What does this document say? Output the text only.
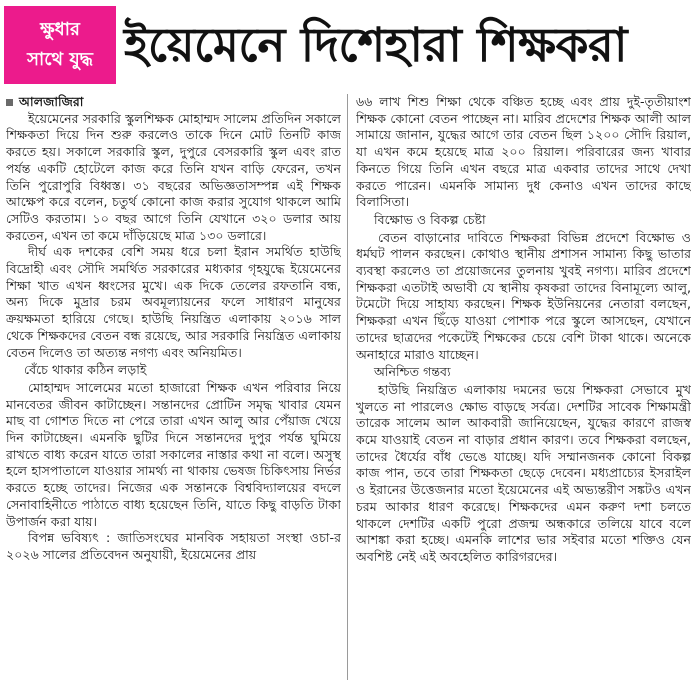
ক্ষুধার
সাথে যুদ্ধ ইয়েমেনে দিশেহারা শিক্ষকরা

আলজাজিরা

ইয়েমেনের সরকারি স্কুলশিক্ষক মোহাম্মদ সালেম প্রতিদিন সকালে শিক্ষকতা দিয়ে দিন শুরু করলেও তাকে দিনে মোট তিনটি কাজ করতে হয়। সকালে সরকারি স্কুল, দুপুরে বেসরকারি স্কুল এবং রাত পর্যন্ত একটি হোটেলে কাজ করে তিনি যখন বাড়ি ফেরেন, তখন তিনি পুরোপুরি বিধ্বস্ত। ৩১ বছরের অভিজ্ঞতাসম্পন্ন এই শিক্ষক আক্ষেপ করে বলেন, চতুর্থ কোনো কাজ করার সুযোগ থাকলে আমি সেটিও করতাম। ১০ বছর আগে তিনি যেখানে ৩২০ ডলার আয় করতেন, এখন তা কমে দাঁড়িয়েছে মাত্র ১৩০ ডলারে।

দীর্ঘ এক দশকের বেশি সময় ধরে চলা ইরান সমর্থিত হাউছি বিদ্রোহী এবং সৌদি সমর্থিত সরকারের মধ্যকার গৃহযুদ্ধে ইয়েমেনের শিক্ষা খাত এখন ধ্বংসের মুখে। এক দিকে তেলের রফতানি বন্ধ, অন্য দিকে মুদ্রার চরম অবমূল্যায়নের ফলে সাধারণ মানুষের ক্রয়ক্ষমতা হারিয়ে গেছে। হাউছি নিয়ন্ত্রিত এলাকায় ২০১৬ সাল থেকে শিক্ষকদের বেতন বন্ধ রয়েছে, আর সরকারি নিয়ন্ত্রিত এলাকায় বেতন দিলেও তা অত্যন্ত নগণ্য এবং অনিয়মিত।

বেঁচে থাকার কঠিন লড়াই

মোহাম্মদ সালেমের মতো হাজারো শিক্ষক এখন পরিবার নিয়ে মানবেতর জীবন কাটাচ্ছেন। সন্তানদের প্রোটিন সমৃদ্ধ খাবার যেমন মাছ বা গোশত দিতে না পেরে তারা এখন আলু আর পেঁয়াজ খেয়ে দিন কাটাচ্ছেন। এমনকি ছুটির দিনে সন্তানদের দুপুর পর্যন্ত ঘুমিয়ে রাখতে বাধ্য করেন যাতে তারা সকালের নাস্তার কথা না বলে। অসুস্থ হলে হাসপাতালে যাওয়ার সামর্থ্য না থাকায় ভেষজ চিকিৎসায় নির্ভর করতে হচ্ছে তাদের। নিজের এক সন্তানকে বিশ্ববিদ্যালয়ের বদলে সেনাবাহিনীতে পাঠাতে বাধ্য হয়েছেন তিনি, যাতে কিছু বাড়তি টাকা উপার্জন করা যায়।

বিপন্ন ভবিষ্যৎ : জাতিসংঘের মানবিক সহায়তা সংস্থা ওচা-র ২০২৬ সালের প্রতিবেদন অনুযায়ী, ইয়েমেনের প্রায়

৬৬ লাখ শিশু শিক্ষা থেকে বঞ্চিত হচ্ছে এবং প্রায় দুই-তৃতীয়াংশ শিক্ষক কোনো বেতন পাচ্ছেন না। মারিব প্রদেশের শিক্ষক আলী আল সামায়ে জানান, যুদ্ধের আগে তার বেতন ছিল ১২০০ সৌদি রিয়াল, যা এখন কমে হয়েছে মাত্র ২০০ রিয়াল। পরিবারের জন্য খাবার কিনতে গিয়ে তিনি এখন বছরে মাত্র একবার তাদের সাথে দেখা করতে পারেন। এমনকি সামান্য দুধ কেনাও এখন তাদের কাছে বিলাসিতা।

বিক্ষোভ ও বিকল্প চেষ্টা

বেতন বাড়ানোর দাবিতে শিক্ষকরা বিভিন্ন প্রদেশে বিক্ষোভ ও ধর্মঘট পালন করছেন। কোথাও স্থানীয় প্রশাসন সামান্য কিছু ভাতার ব্যবস্থা করলেও তা প্রয়োজনের তুলনায় খুবই নগণ্য। মারিব প্রদেশে শিক্ষকরা এতটাই অভাবী যে স্থানীয় কৃষকরা তাদের বিনামূল্যে আলু, টমেটো দিয়ে সাহায্য করছেন। শিক্ষক ইউনিয়নের নেতারা বলছেন, শিক্ষকরা এখন ছিঁড়ে যাওয়া পোশাক পরে স্কুলে আসছেন, যেখানে তাদের ছাত্রদের পকেটেই শিক্ষকের চেয়ে বেশি টাকা থাকে। অনেকে অনাহারে মারাও যাচ্ছেন।

অনিশ্চিত গন্তব্য

হাউছি নিয়ন্ত্রিত এলাকায় দমনের ভয়ে শিক্ষকরা সেভাবে মুখ খুলতে না পারলেও ক্ষোভ বাড়ছে সর্বত্র। দেশটির সাবেক শিক্ষামন্ত্রী তারেক সালেম আল আকবারী জানিয়েছেন, যুদ্ধের কারণে রাজস্ব কমে যাওয়াই বেতন না বাড়ার প্রধান কারণ। তবে শিক্ষকরা বলছেন, তাদের ধৈর্যের বাঁধ ভেঙে যাচ্ছে। যদি সম্মানজনক কোনো বিকল্প কাজ পান, তবে তারা শিক্ষকতা ছেড়ে দেবেন। মধ্যপ্রাচ্যের ইসরাইল ও ইরানের উত্তেজনার মতো ইয়েমেনের এই অভ্যন্তরীণ সঙ্কটও এখন চরম আকার ধারণ করেছে। শিক্ষকদের এমন করুণ দশা চলতে থাকলে দেশটির একটি পুরো প্রজন্ম অন্ধকারে তলিয়ে যাবে বলে আশঙ্কা করা হচ্ছে। এমনকি লাশের ভার সইবার মতো শক্তিও যেন অবশিষ্ট নেই এই অবহেলিত কারিগরদের।
